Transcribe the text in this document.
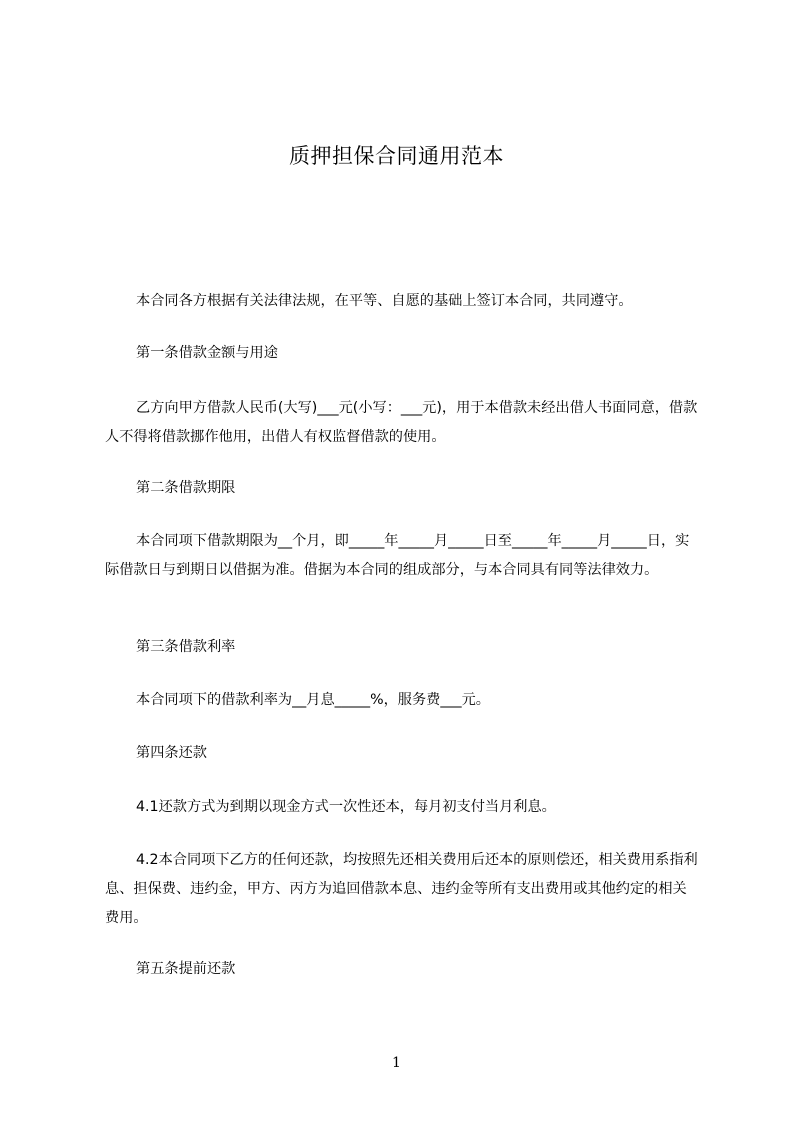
质押担保合同通用范本

本合同各方根据有关法律法规，在平等、自愿的基础上签订本合同，共同遵守。

第一条借款金额与用途

乙方向甲方借款人民币(大写)___元(小写：___元)，用于本借款未经出借人书面同意，借款人不得将借款挪作他用，出借人有权监督借款的使用。

第二条借款期限

本合同项下借款期限为__个月，即_____年_____月_____日至_____年_____月_____日，实际借款日与到期日以借据为准。借据为本合同的组成部分，与本合同具有同等法律效力。

第三条借款利率

本合同项下的借款利率为__月息_____%，服务费___元。

第四条还款

4.1还款方式为到期以现金方式一次性还本，每月初支付当月利息。

4.2本合同项下乙方的任何还款，均按照先还相关费用后还本的原则偿还，相关费用系指利息、担保费、违约金，甲方、丙方为追回借款本息、违约金等所有支出费用或其他约定的相关费用。

第五条提前还款

1
